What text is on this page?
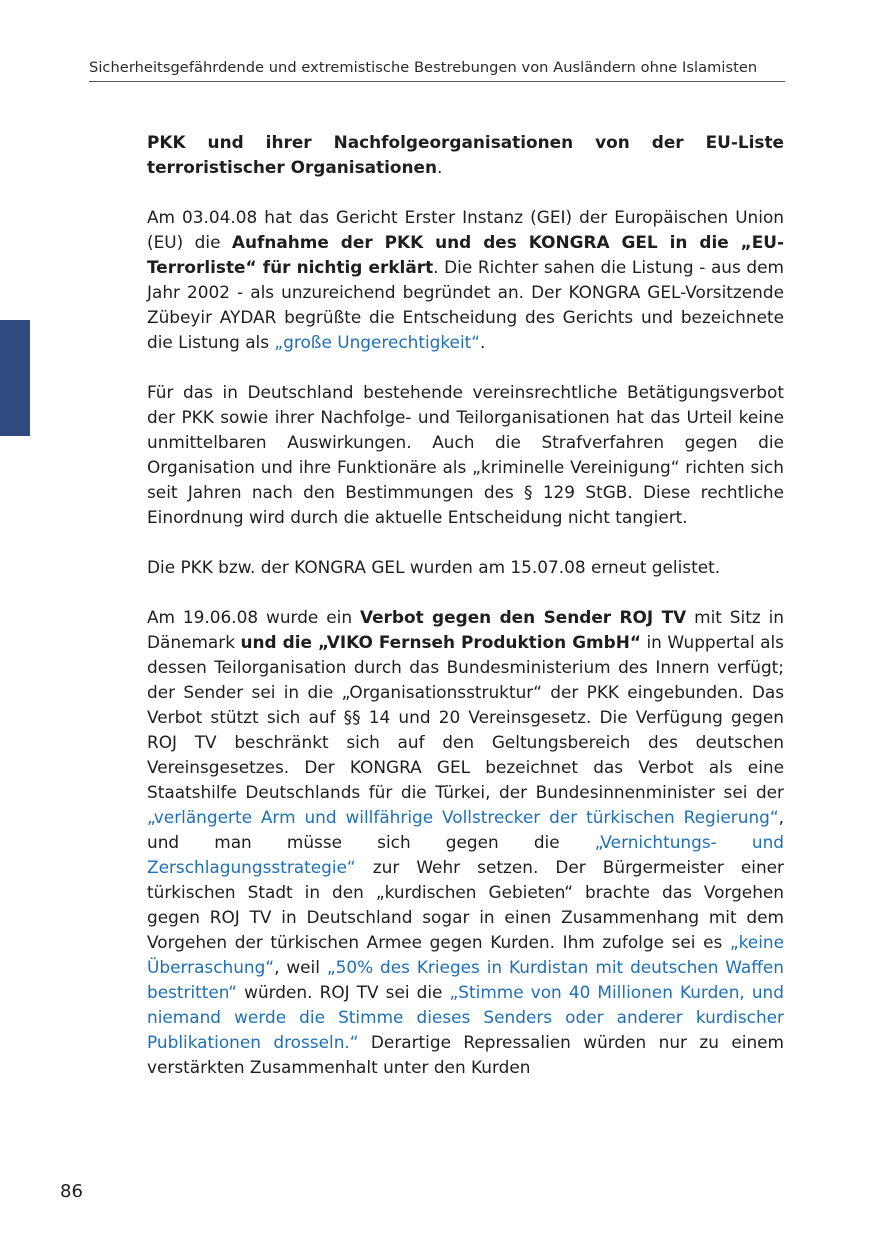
Sicherheitsgefährdende und extremistische Bestrebungen von Ausländern ohne Islamisten

PKK und ihrer Nachfolgeorganisationen von der EU-Liste terroristischer Organisationen.

Am 03.04.08 hat das Gericht Erster Instanz (GEI) der Europäischen Union (EU) die Aufnahme der PKK und des KONGRA GEL in die „EU-Terrorliste“ für nichtig erklärt. Die Richter sahen die Listung - aus dem Jahr 2002 - als unzureichend begründet an. Der KONGRA GEL-Vorsitzende Zübeyir AYDAR begrüßte die Entscheidung des Gerichts und bezeichnete die Listung als „große Ungerechtigkeit“.

Für das in Deutschland bestehende vereinsrechtliche Betätigungsverbot der PKK sowie ihrer Nachfolge- und Teilorganisationen hat das Urteil keine unmittelbaren Auswirkungen. Auch die Strafverfahren gegen die Organisation und ihre Funktionäre als „kriminelle Vereinigung“ richten sich seit Jahren nach den Bestimmungen des § 129 StGB. Diese rechtliche Einordnung wird durch die aktuelle Entscheidung nicht tangiert.

Die PKK bzw. der KONGRA GEL wurden am 15.07.08 erneut gelistet.

Am 19.06.08 wurde ein Verbot gegen den Sender ROJ TV mit Sitz in Dänemark und die „VIKO Fernseh Produktion GmbH“ in Wuppertal als dessen Teilorganisation durch das Bundesministerium des Innern verfügt; der Sender sei in die „Organisationsstruktur“ der PKK eingebunden. Das Verbot stützt sich auf §§ 14 und 20 Vereinsgesetz. Die Verfügung gegen ROJ TV beschränkt sich auf den Geltungsbereich des deutschen Vereinsgesetzes. Der KONGRA GEL bezeichnet das Verbot als eine Staatshilfe Deutschlands für die Türkei, der Bundesinnenminister sei der „verlängerte Arm und willfährige Vollstrecker der türkischen Regierung“, und man müsse sich gegen die „Vernichtungs- und Zerschlagungsstrategie“ zur Wehr setzen. Der Bürgermeister einer türkischen Stadt in den „kurdischen Gebieten“ brachte das Vorgehen gegen ROJ TV in Deutschland sogar in einen Zusammenhang mit dem Vorgehen der türkischen Armee gegen Kurden. Ihm zufolge sei es „keine Überraschung“, weil „50% des Krieges in Kurdistan mit deutschen Waffen bestritten“ würden. ROJ TV sei die „Stimme von 40 Millionen Kurden, und niemand werde die Stimme dieses Senders oder anderer kurdischer Publikationen drosseln.“ Derartige Repressalien würden nur zu einem verstärkten Zusammenhalt unter den Kurden

86
